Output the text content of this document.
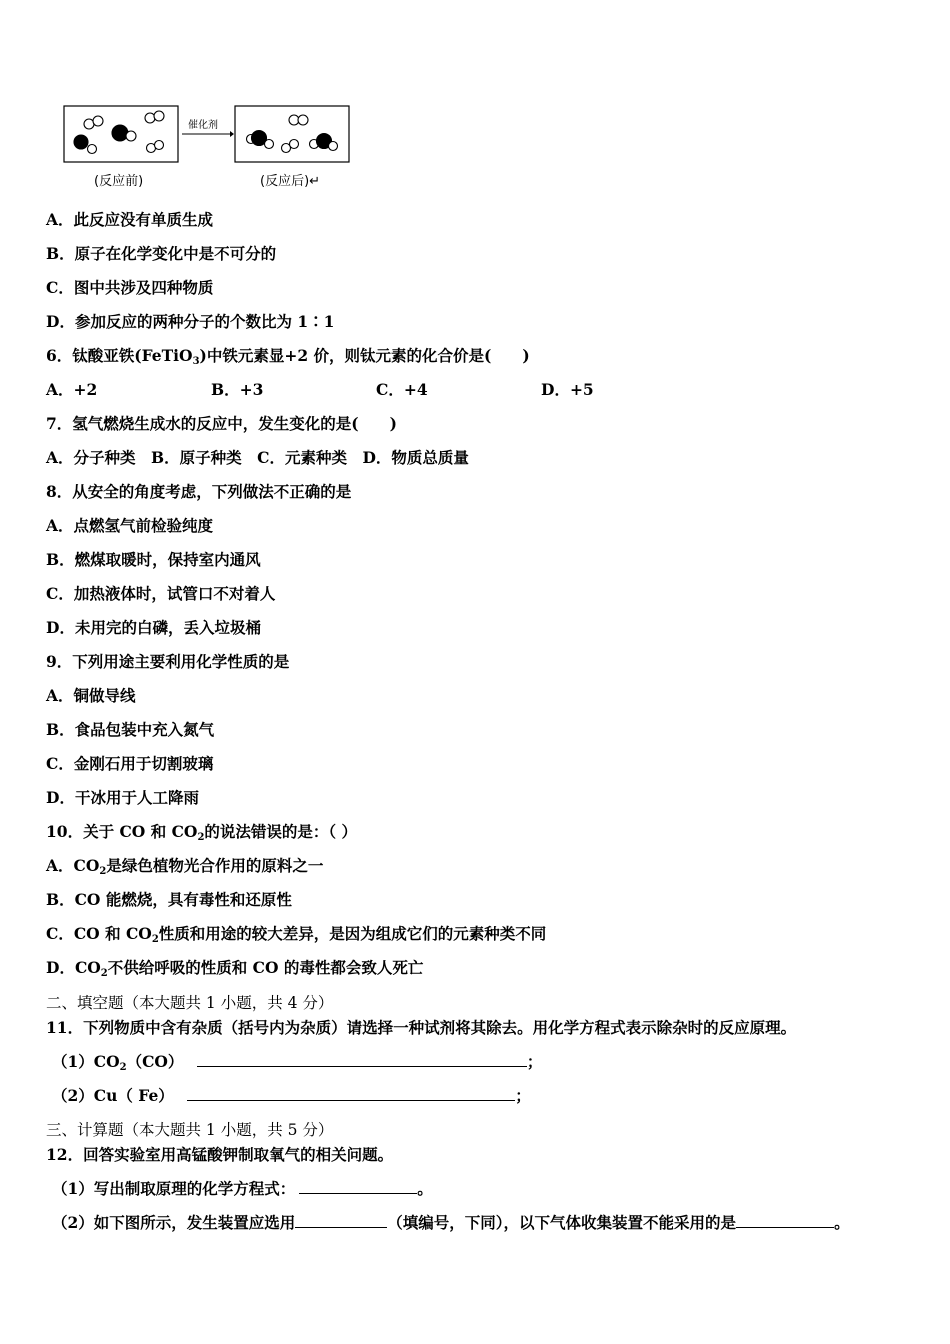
催化剂
(反应前)	(反应后)↵
A．此反应没有单质生成
B．原子在化学变化中是不可分的
C．图中共涉及四种物质
D．参加反应的两种分子的个数比为 1∶1
6．钛酸亚铁(FeTiO$_3$)中铁元素显+2 价，则钛元素的化合价是(　　)
A．+2	B．+3	C．+4	D．+5
7．氢气燃烧生成水的反应中，发生变化的是(　　)
A．分子种类　B．原子种类　C．元素种类　D．物质总质量
8．从安全的角度考虑，下列做法不正确的是
A．点燃氢气前检验纯度
B．燃煤取暖时，保持室内通风
C．加热液体时，试管口不对着人
D．未用完的白磷，丢入垃圾桶
9．下列用途主要利用化学性质的是
A．铜做导线
B．食品包装中充入氮气
C．金刚石用于切割玻璃
D．干冰用于人工降雨
10．关于 CO 和 $CO_2$的说法错误的是：（ ）
A．$CO_2$是绿色植物光合作用的原料之一
B．CO 能燃烧，具有毒性和还原性
C．CO 和 $CO_2$性质和用途的较大差异，是因为组成它们的元素种类不同
D．$CO_2$不供给呼吸的性质和 CO 的毒性都会致人死亡
二、填空题（本大题共 1 小题，共 4 分）
11．下列物质中含有杂质（括号内为杂质）请选择一种试剂将其除去。用化学方程式表示除杂时的反应原理。
$(1)CO_2(CO)$	；
（2）Cu（ Fe）	；
三、计算题（本大题共 1 小题，共 5 分）
12．回答实验室用高锰酸钾制取氧气的相关问题。
（1）写出制取原理的化学方程式：	。
（2）如下图所示，发生装置应选用	（填编号，下同），以下气体收集装置不能采用的是	。
